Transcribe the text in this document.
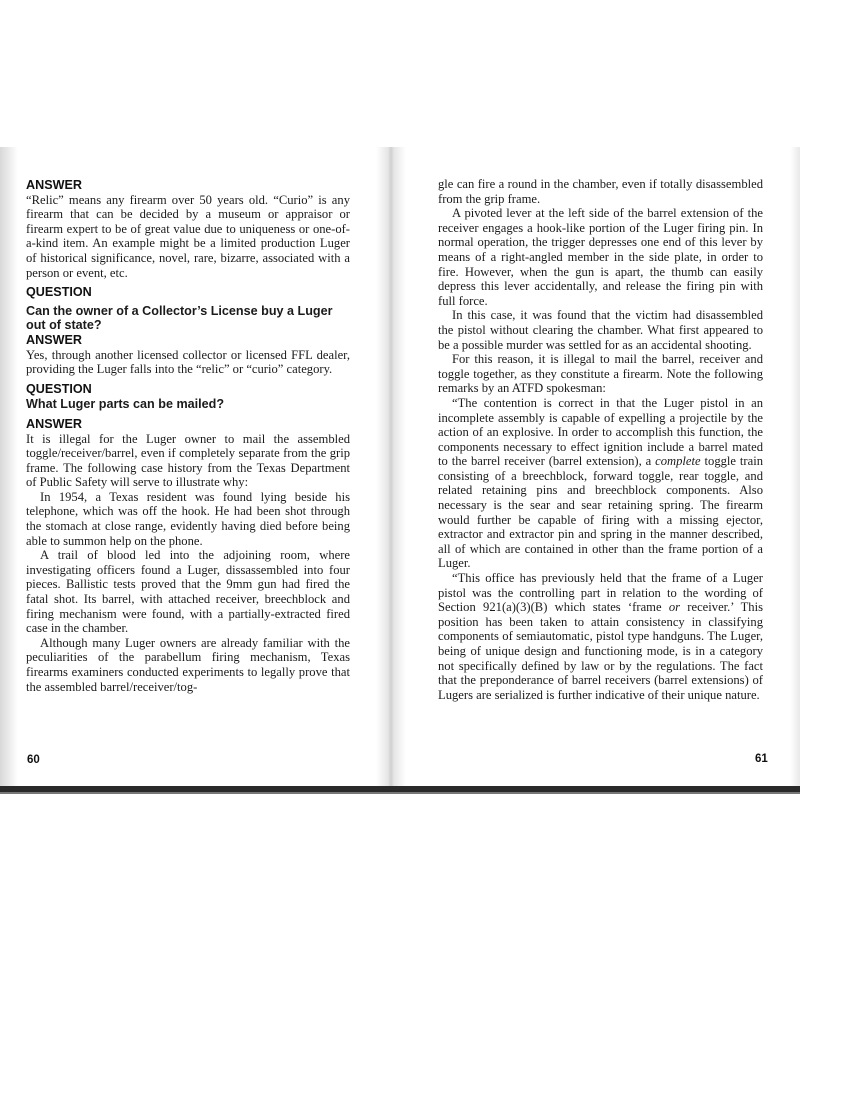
ANSWER

“Relic” means any firearm over 50 years old. “Curio” is any firearm that can be decided by a museum or appraisor or firearm expert to be of great value due to uniqueness or one-of-a-kind item. An example might be a limited production Luger of historical significance, novel, rare, bizarre, associated with a person or event, etc.

QUESTION
Can the owner of a Collector’s License buy a Luger out of state?
ANSWER

Yes, through another licensed collector or licensed FFL dealer, providing the Luger falls into the “relic” or “curio” category.

QUESTION
What Luger parts can be mailed?
ANSWER

It is illegal for the Luger owner to mail the assembled toggle/receiver/barrel, even if completely separate from the grip frame. The following case history from the Texas Department of Public Safety will serve to illustrate why:

In 1954, a Texas resident was found lying beside his telephone, which was off the hook. He had been shot through the stomach at close range, evidently having died before being able to summon help on the phone.

A trail of blood led into the adjoining room, where investigating officers found a Luger, dissassembled into four pieces. Ballistic tests proved that the 9mm gun had fired the fatal shot. Its barrel, with attached receiver, breechblock and firing mechanism were found, with a partially-extracted fired case in the chamber.

Although many Luger owners are already familiar with the peculiarities of the parabellum firing mechanism, Texas firearms examiners conducted experiments to legally prove that the assembled barrel/receiver/tog-

60

gle can fire a round in the chamber, even if totally disassembled from the grip frame.

A pivoted lever at the left side of the barrel extension of the receiver engages a hook-like portion of the Luger firing pin. In normal operation, the trigger depresses one end of this lever by means of a right-angled member in the side plate, in order to fire. However, when the gun is apart, the thumb can easily depress this lever accidentally, and release the firing pin with full force.

In this case, it was found that the victim had disassembled the pistol without clearing the chamber. What first appeared to be a possible murder was settled for as an accidental shooting.

For this reason, it is illegal to mail the barrel, receiver and toggle together, as they constitute a firearm. Note the following remarks by an ATFD spokesman:

“The contention is correct in that the Luger pistol in an incomplete assembly is capable of expelling a projectile by the action of an explosive. In order to accomplish this function, the components necessary to effect ignition include a barrel mated to the barrel receiver (barrel extension), a complete toggle train consisting of a breechblock, forward toggle, rear toggle, and related retaining pins and breechblock components. Also necessary is the sear and sear retaining spring. The firearm would further be capable of firing with a missing ejector, extractor and extractor pin and spring in the manner described, all of which are contained in other than the frame portion of a Luger.

“This office has previously held that the frame of a Luger pistol was the controlling part in relation to the wording of Section 921(a)(3)(B) which states ‘frame or receiver.’ This position has been taken to attain consistency in classifying components of semiautomatic, pistol type handguns. The Luger, being of unique design and functioning mode, is in a category not specifically defined by law or by the regulations. The fact that the preponderance of barrel receivers (barrel extensions) of Lugers are serialized is further indicative of their unique nature.

61
